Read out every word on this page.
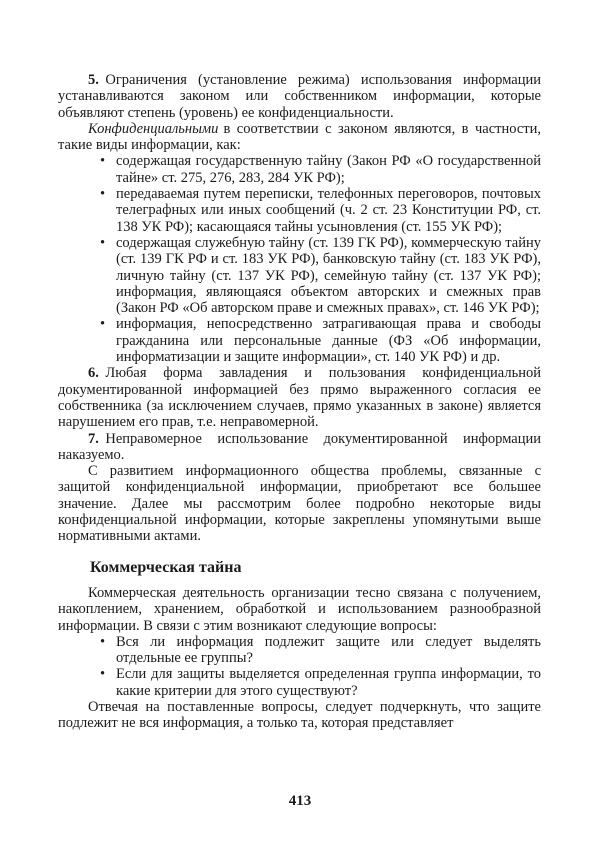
5. Ограничения (установление режима) использования информации устанавливаются законом или собственником информации, которые объявляют степень (уровень) ее конфиденциальности.

Конфиденциальными в соответствии с законом являются, в частности, такие виды информации, как:

• содержащая государственную тайну (Закон РФ «О государственной тайне» ст. 275, 276, 283, 284 УК РФ);

• передаваемая путем переписки, телефонных переговоров, почтовых телеграфных или иных сообщений (ч. 2 ст. 23 Конституции РФ, ст. 138 УК РФ); касающаяся тайны усыновления (ст. 155 УК РФ);

• содержащая служебную тайну (ст. 139 ГК РФ), коммерческую тайну (ст. 139 ГК РФ и ст. 183 УК РФ), банковскую тайну (ст. 183 УК РФ), личную тайну (ст. 137 УК РФ), семейную тайну (ст. 137 УК РФ); информация, являющаяся объектом авторских и смежных прав (Закон РФ «Об авторском праве и смежных правах», ст. 146 УК РФ);

• информация, непосредственно затрагивающая права и свободы гражданина или персональные данные (ФЗ «Об информации, информатизации и защите информации», ст. 140 УК РФ) и др.

6. Любая форма завладения и пользования конфиденциальной документированной информацией без прямо выраженного согласия ее собственника (за исключением случаев, прямо указанных в законе) является нарушением его прав, т.е. неправомерной.

7. Неправомерное использование документированной информации наказуемо.

С развитием информационного общества проблемы, связанные с защитой конфиденциальной информации, приобретают все большее значение. Далее мы рассмотрим более подробно некоторые виды конфиденциальной информации, которые закреплены упомянутыми выше нормативными актами.

Коммерческая тайна

Коммерческая деятельность организации тесно связана с получением, накоплением, хранением, обработкой и использованием разнообразной информации. В связи с этим возникают следующие вопросы:

• Вся ли информация подлежит защите или следует выделять отдельные ее группы?

• Если для защиты выделяется определенная группа информации, то какие критерии для этого существуют?

Отвечая на поставленные вопросы, следует подчеркнуть, что защите подлежит не вся информация, а только та, которая представляет

413
